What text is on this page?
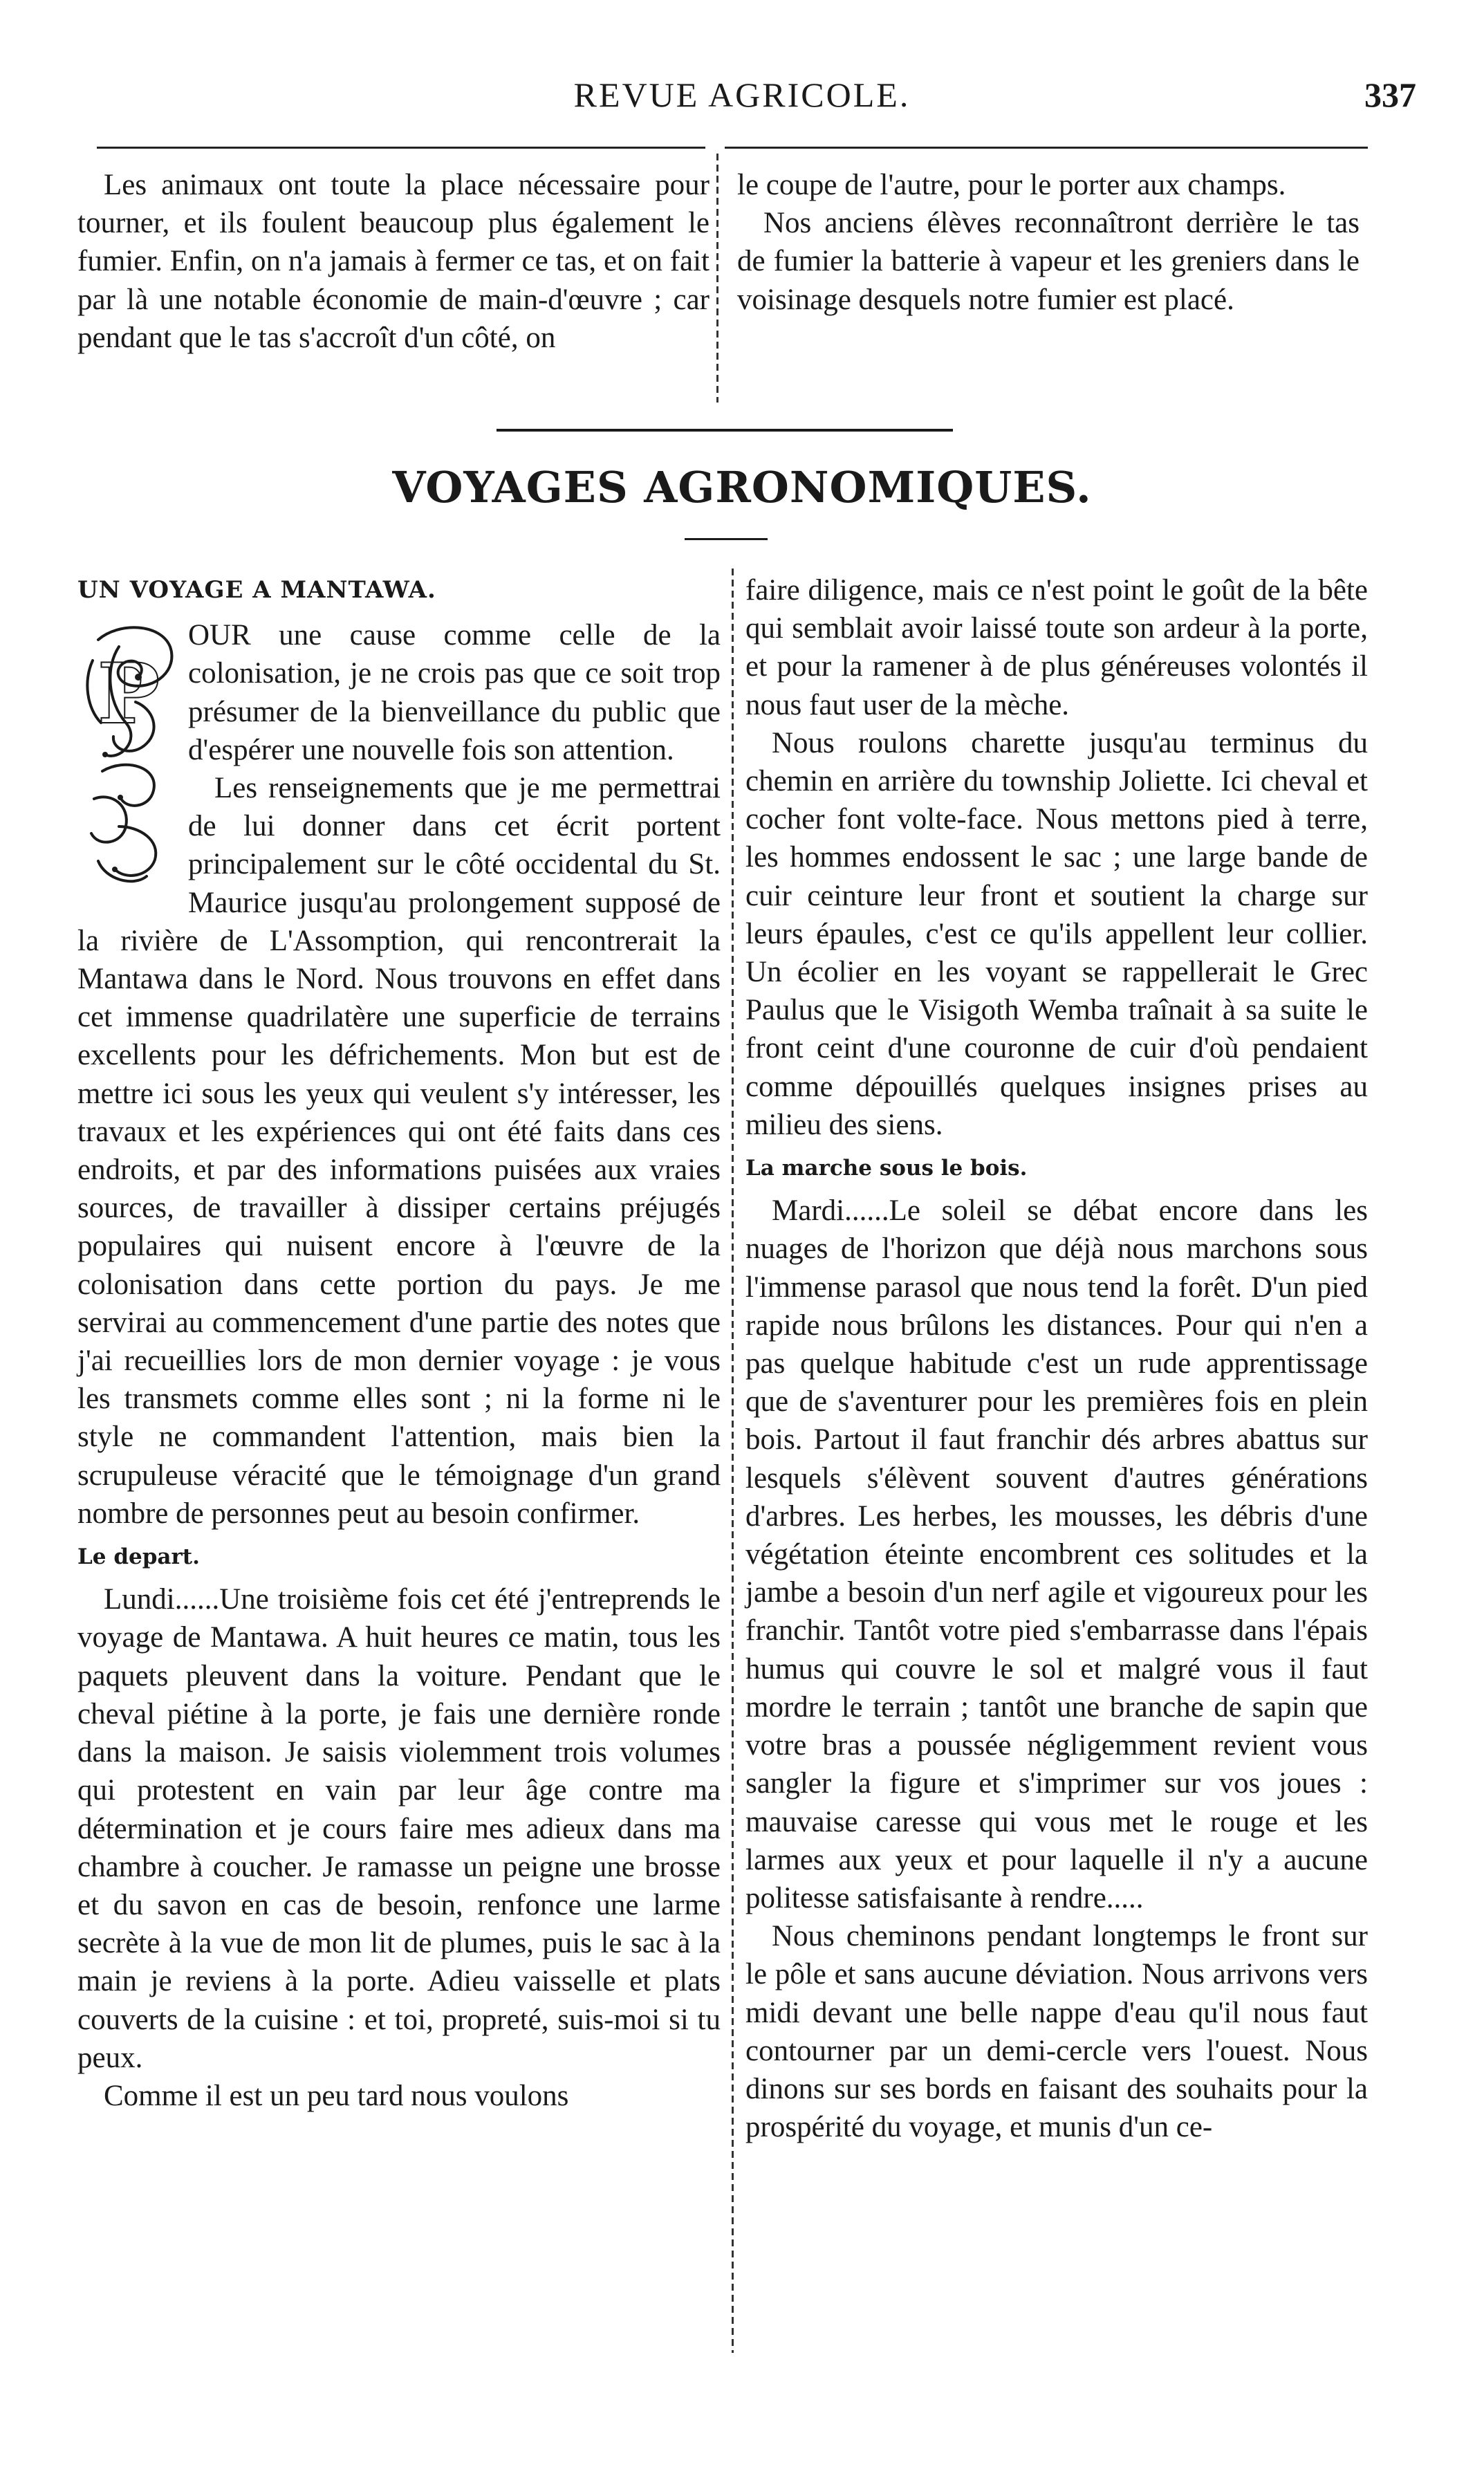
REVUE AGRICOLE.	337

Les animaux ont toute la place nécessaire pour tourner, et ils foulent beaucoup plus également le fumier. Enfin, on n'a jamais à fermer ce tas, et on fait par là une notable économie de main-d'œuvre ; car pendant que le tas s'accroît d'un côté, on

le coupe de l'autre, pour le porter aux champs.

Nos anciens élèves reconnaîtront derrière le tas de fumier la batterie à vapeur et les greniers dans le voisinage desquels notre fumier est placé.

VOYAGES AGRONOMIQUES.
UN VOYAGE A MANTAWA.
P

OUR une cause comme celle de la colonisation, je ne crois pas que ce soit trop présumer de la bienveillance du public que d'espérer une nouvelle fois son attention.

Les renseignements que je me permettrai de lui donner dans cet écrit portent principalement sur le côté occidental du St. Maurice jusqu'au prolongement supposé de la rivière de L'Assomption, qui rencontrerait la Mantawa dans le Nord. Nous trouvons en effet dans cet immense quadrilatère une superficie de terrains excellents pour les défrichements. Mon but est de mettre ici sous les yeux qui veulent s'y intéresser, les travaux et les expériences qui ont été faits dans ces endroits, et par des informations puisées aux vraies sources, de travailler à dissiper certains préjugés populaires qui nuisent encore à l'œuvre de la colonisation dans cette portion du pays. Je me servirai au commencement d'une partie des notes que j'ai recueillies lors de mon dernier voyage : je vous les transmets comme elles sont ; ni la forme ni le style ne commandent l'attention, mais bien la scrupuleuse véracité que le témoignage d'un grand nombre de personnes peut au besoin confirmer.

Le depart.

Lundi......Une troisième fois cet été j'entreprends le voyage de Mantawa. A huit heures ce matin, tous les paquets pleuvent dans la voiture. Pendant que le cheval piétine à la porte, je fais une dernière ronde dans la maison. Je saisis violemment trois volumes qui protestent en vain par leur âge contre ma détermination et je cours faire mes adieux dans ma chambre à coucher. Je ramasse un peigne une brosse et du savon en cas de besoin, renfonce une larme secrète à la vue de mon lit de plumes, puis le sac à la main je reviens à la porte. Adieu vaisselle et plats couverts de la cuisine : et toi, propreté, suis-moi si tu peux.

Comme il est un peu tard nous voulons

faire diligence, mais ce n'est point le goût de la bête qui semblait avoir laissé toute son ardeur à la porte, et pour la ramener à de plus généreuses volontés il nous faut user de la mèche.

Nous roulons charette jusqu'au terminus du chemin en arrière du township Joliette. Ici cheval et cocher font volte-face. Nous mettons pied à terre, les hommes endossent le sac ; une large bande de cuir ceinture leur front et soutient la charge sur leurs épaules, c'est ce qu'ils appellent leur collier. Un écolier en les voyant se rappellerait le Grec Paulus que le Visigoth Wemba traînait à sa suite le front ceint d'une couronne de cuir d'où pendaient comme dépouillés quelques insignes prises au milieu des siens.

La marche sous le bois.

Mardi......Le soleil se débat encore dans les nuages de l'horizon que déjà nous marchons sous l'immense parasol que nous tend la forêt. D'un pied rapide nous brûlons les distances. Pour qui n'en a pas quelque habitude c'est un rude apprentissage que de s'aventurer pour les premières fois en plein bois. Partout il faut franchir dés arbres abattus sur lesquels s'élèvent souvent d'autres générations d'arbres. Les herbes, les mousses, les débris d'une végétation éteinte encombrent ces solitudes et la jambe a besoin d'un nerf agile et vigoureux pour les franchir. Tantôt votre pied s'embarrasse dans l'épais humus qui couvre le sol et malgré vous il faut mordre le terrain ; tantôt une branche de sapin que votre bras a poussée négligemment revient vous sangler la figure et s'imprimer sur vos joues : mauvaise caresse qui vous met le rouge et les larmes aux yeux et pour laquelle il n'y a aucune politesse satisfaisante à rendre.....

Nous cheminons pendant longtemps le front sur le pôle et sans aucune déviation. Nous arrivons vers midi devant une belle nappe d'eau qu'il nous faut contourner par un demi-cercle vers l'ouest. Nous dinons sur ses bords en faisant des souhaits pour la prospérité du voyage, et munis d'un ce-
